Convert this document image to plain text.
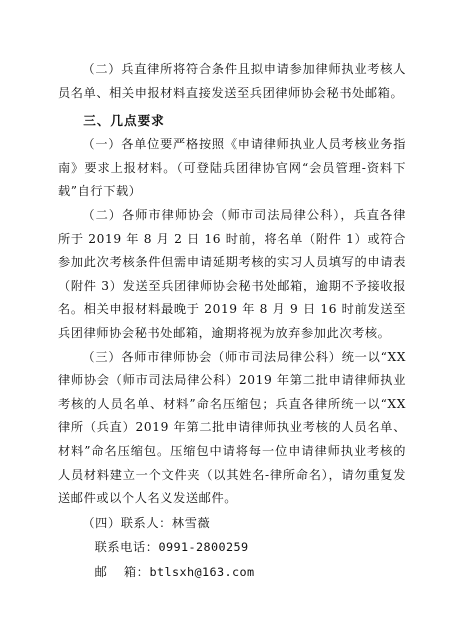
（二）兵直律所将符合条件且拟申请参加律师执业考核人员名单、相关申报材料直接发送至兵团律师协会秘书处邮箱。

三、几点要求

（一）各单位要严格按照《申请律师执业人员考核业务指南》要求上报材料。（可登陆兵团律协官网“会员管理-资料下载”自行下载）

（二）各师市律师协会（师市司法局律公科），兵直各律所于 2019 年 8 月 2 日 16 时前，将名单（附件 1）或符合参加此次考核条件但需申请延期考核的实习人员填写的申请表（附件 3）发送至兵团律师协会秘书处邮箱，逾期不予接收报名。相关申报材料最晚于 2019 年 8 月 9 日 16 时前发送至兵团律师协会秘书处邮箱，逾期将视为放弃参加此次考核。

（三）各师市律师协会（师市司法局律公科）统一以“XX律师协会（师市司法局律公科）2019 年第二批申请律师执业考核的人员名单、材料”命名压缩包；兵直各律所统一以“XX律所（兵直）2019 年第二批申请律师执业考核的人员名单、材料”命名压缩包。压缩包中请将每一位申请律师执业考核的人员材料建立一个文件夹（以其姓名-律所命名），请勿重复发送邮件或以个人名义发送邮件。

（四）联系人：林雪薇

联系电话：0991-2800259

邮箱：btlsxh@163.com
